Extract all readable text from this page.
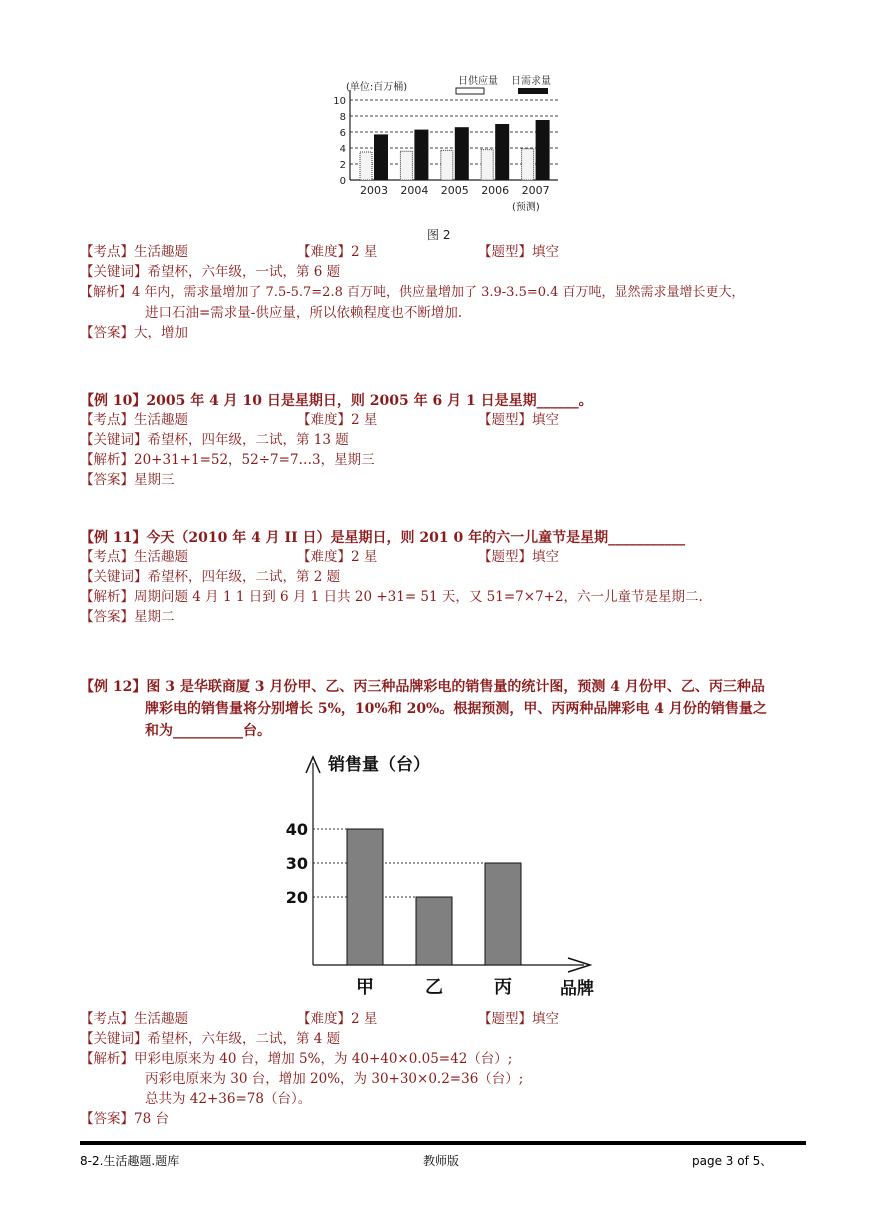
(单位:百万桶)
日供应量 日需求量
2003 2004 2005 2006 2007
0
2
4
6
8
10
(预测)
图 2
【考点】生活趣题	【难度】2 星	【题型】填空
【关键词】希望杯，六年级，一试，第 6 题
【解析】4 年内，需求量增加了 7.5-5.7=2.8 百万吨，供应量增加了 3.9-3.5=0.4 百万吨，显然需求量增长更大，
进口石油=需求量-供应量，所以依赖程度也不断增加.
【答案】大，增加
【例 10】2005 年 4 月 10 日是星期日，则 2005 年 6 月 1 日是星期______。
【考点】生活趣题	【难度】2 星	【题型】填空
【关键词】希望杯，四年级，二试，第 13 题
【解析】20+31+1=52，52÷7=7…3，星期三
【答案】星期三
【例 11】今天（2010 年 4 月 II 日）是星期日，则 201 0 年的六一儿童节是星期___________
【考点】生活趣题	【难度】2 星	【题型】填空
【关键词】希望杯，四年级，二试，第 2 题
【解析】周期问题 4 月 1 1 日到 6 月 1 日共 20 +31= 51 天，又 51=7×7+2，六一儿童节是星期二.
【答案】星期二
【例 12】图 3 是华联商厦 3 月份甲、乙、丙三种品牌彩电的销售量的统计图，预测 4 月份甲、乙、丙三种品
牌彩电的销售量将分别增长 5%，10%和 20%。根据预测，甲、丙两种品牌彩电 4 月份的销售量之
和为__________台。
销售量（台）
20
30
40
甲	乙	丙	品牌
【考点】生活趣题	【难度】2 星	【题型】填空
【关键词】希望杯，六年级，二试，第 4 题
【解析】甲彩电原来为 40 台，增加 5%，为 40+40×0.05=42（台）;
丙彩电原来为 30 台，增加 20%，为 30+30×0.2=36（台）;
总共为 42+36=78（台）。
【答案】78 台
8-2.生活趣题.题库	教师版	page 3 of 5、
